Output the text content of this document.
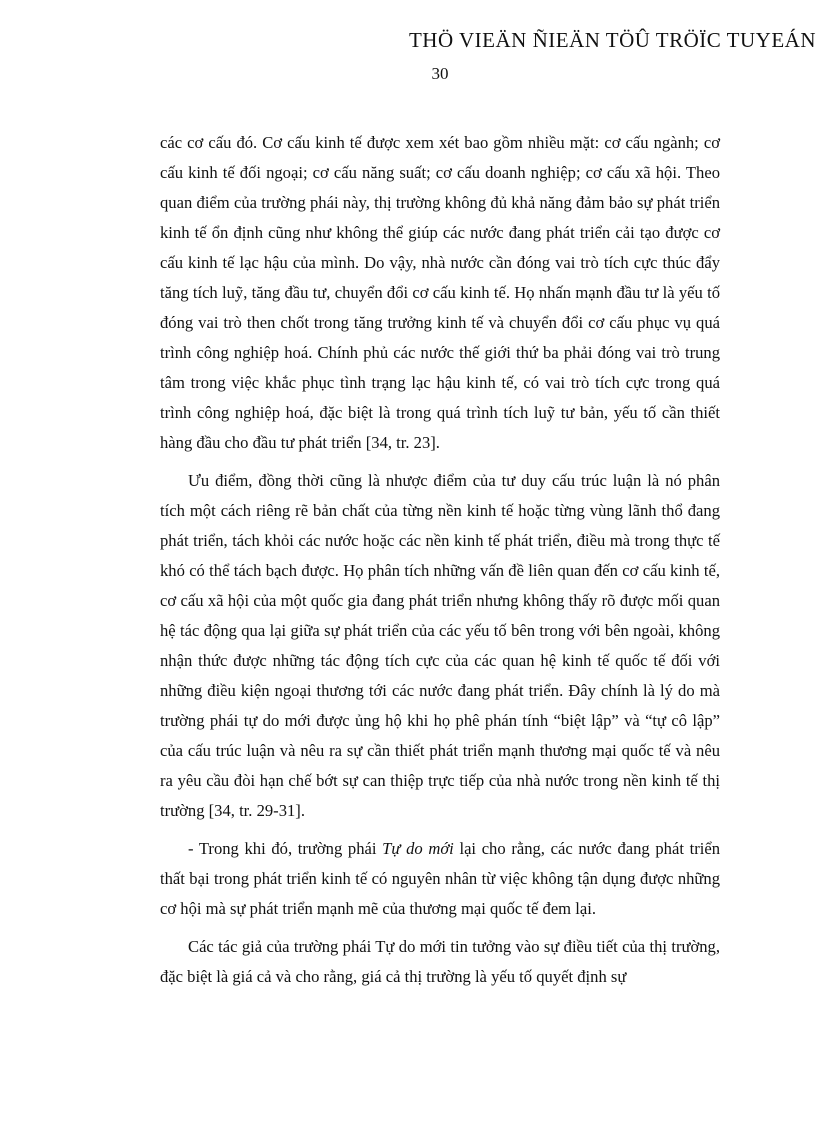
THÖ VIEÄN ÑIEÄN TÖÛ TRÖÏC TUYEÁN
30

các cơ cấu đó. Cơ cấu kinh tế được xem xét bao gồm nhiều mặt: cơ cấu ngành; cơ cấu kinh tế đối ngoại; cơ cấu năng suất; cơ cấu doanh nghiệp; cơ cấu xã hội. Theo quan điểm của trường phái này, thị trường không đủ khả năng đảm bảo sự phát triển kinh tế ổn định cũng như không thể giúp các nước đang phát triển cải tạo được cơ cấu kinh tế lạc hậu của mình. Do vậy, nhà nước cần đóng vai trò tích cực thúc đẩy tăng tích luỹ, tăng đầu tư, chuyển đổi cơ cấu kinh tế. Họ nhấn mạnh đầu tư là yếu tố đóng vai trò then chốt trong tăng trưởng kinh tế và chuyển đổi cơ cấu phục vụ quá trình công nghiệp hoá. Chính phủ các nước thế giới thứ ba phải đóng vai trò trung tâm trong việc khắc phục tình trạng lạc hậu kinh tế, có vai trò tích cực trong quá trình công nghiệp hoá, đặc biệt là trong quá trình tích luỹ tư bản, yếu tố cần thiết hàng đầu cho đầu tư phát triển [34, tr. 23].

Ưu điểm, đồng thời cũng là nhược điểm của tư duy cấu trúc luận là nó phân tích một cách riêng rẽ bản chất của từng nền kinh tế hoặc từng vùng lãnh thổ đang phát triển, tách khỏi các nước hoặc các nền kinh tế phát triển, điều mà trong thực tế khó có thể tách bạch được. Họ phân tích những vấn đề liên quan đến cơ cấu kinh tế, cơ cấu xã hội của một quốc gia đang phát triển nhưng không thấy rõ được mối quan hệ tác động qua lại giữa sự phát triển của các yếu tố bên trong với bên ngoài, không nhận thức được những tác động tích cực của các quan hệ kinh tế quốc tế đối với những điều kiện ngoại thương tới các nước đang phát triển. Đây chính là lý do mà trường phái tự do mới được ủng hộ khi họ phê phán tính “biệt lập” và “tự cô lập” của cấu trúc luận và nêu ra sự cần thiết phát triển mạnh thương mại quốc tế và nêu ra yêu cầu đòi hạn chế bớt sự can thiệp trực tiếp của nhà nước trong nền kinh tế thị trường [34, tr. 29-31].

- Trong khi đó, trường phái Tự do mới lại cho rằng, các nước đang phát triển thất bại trong phát triển kinh tế có nguyên nhân từ việc không tận dụng được những cơ hội mà sự phát triển mạnh mẽ của thương mại quốc tế đem lại.

Các tác giả của trường phái Tự do mới tin tưởng vào sự điều tiết của thị trường, đặc biệt là giá cả và cho rằng, giá cả thị trường là yếu tố quyết định sự
